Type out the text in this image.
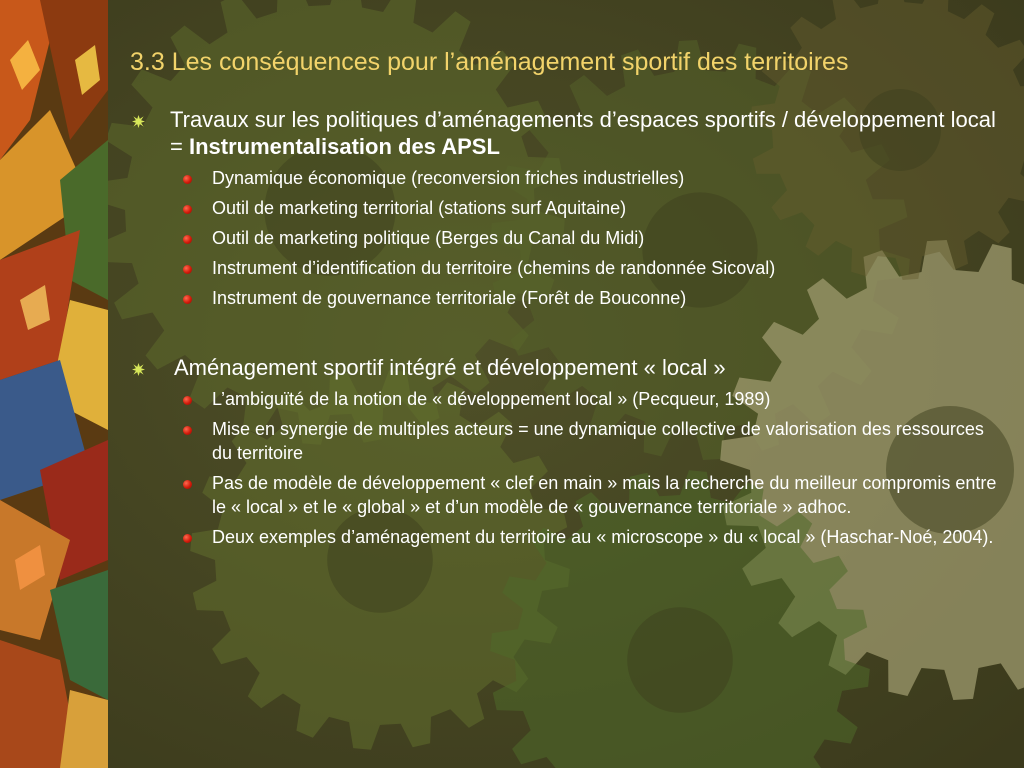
3.3 Les conséquences pour l’aménagement sportif des territoires
Travaux sur les politiques d’aménagements d’espaces sportifs / développement local = Instrumentalisation des APSL
Dynamique économique (reconversion friches industrielles)
Outil de marketing territorial (stations surf Aquitaine)
Outil de marketing politique (Berges du Canal du Midi)
Instrument d’identification du territoire (chemins de randonnée Sicoval)
Instrument de gouvernance territoriale (Forêt de Bouconne)
Aménagement sportif intégré et développement « local »
L’ambiguïté de la notion de « développement local » (Pecqueur, 1989)
Mise en synergie de multiples acteurs = une dynamique collective de valorisation des ressources du territoire
Pas de modèle de développement « clef en main » mais la recherche du meilleur compromis entre le « local » et le « global » et d’un modèle de « gouvernance territoriale » adhoc.
Deux exemples d’aménagement du territoire au « microscope » du « local » (Haschar-Noé, 2004).
